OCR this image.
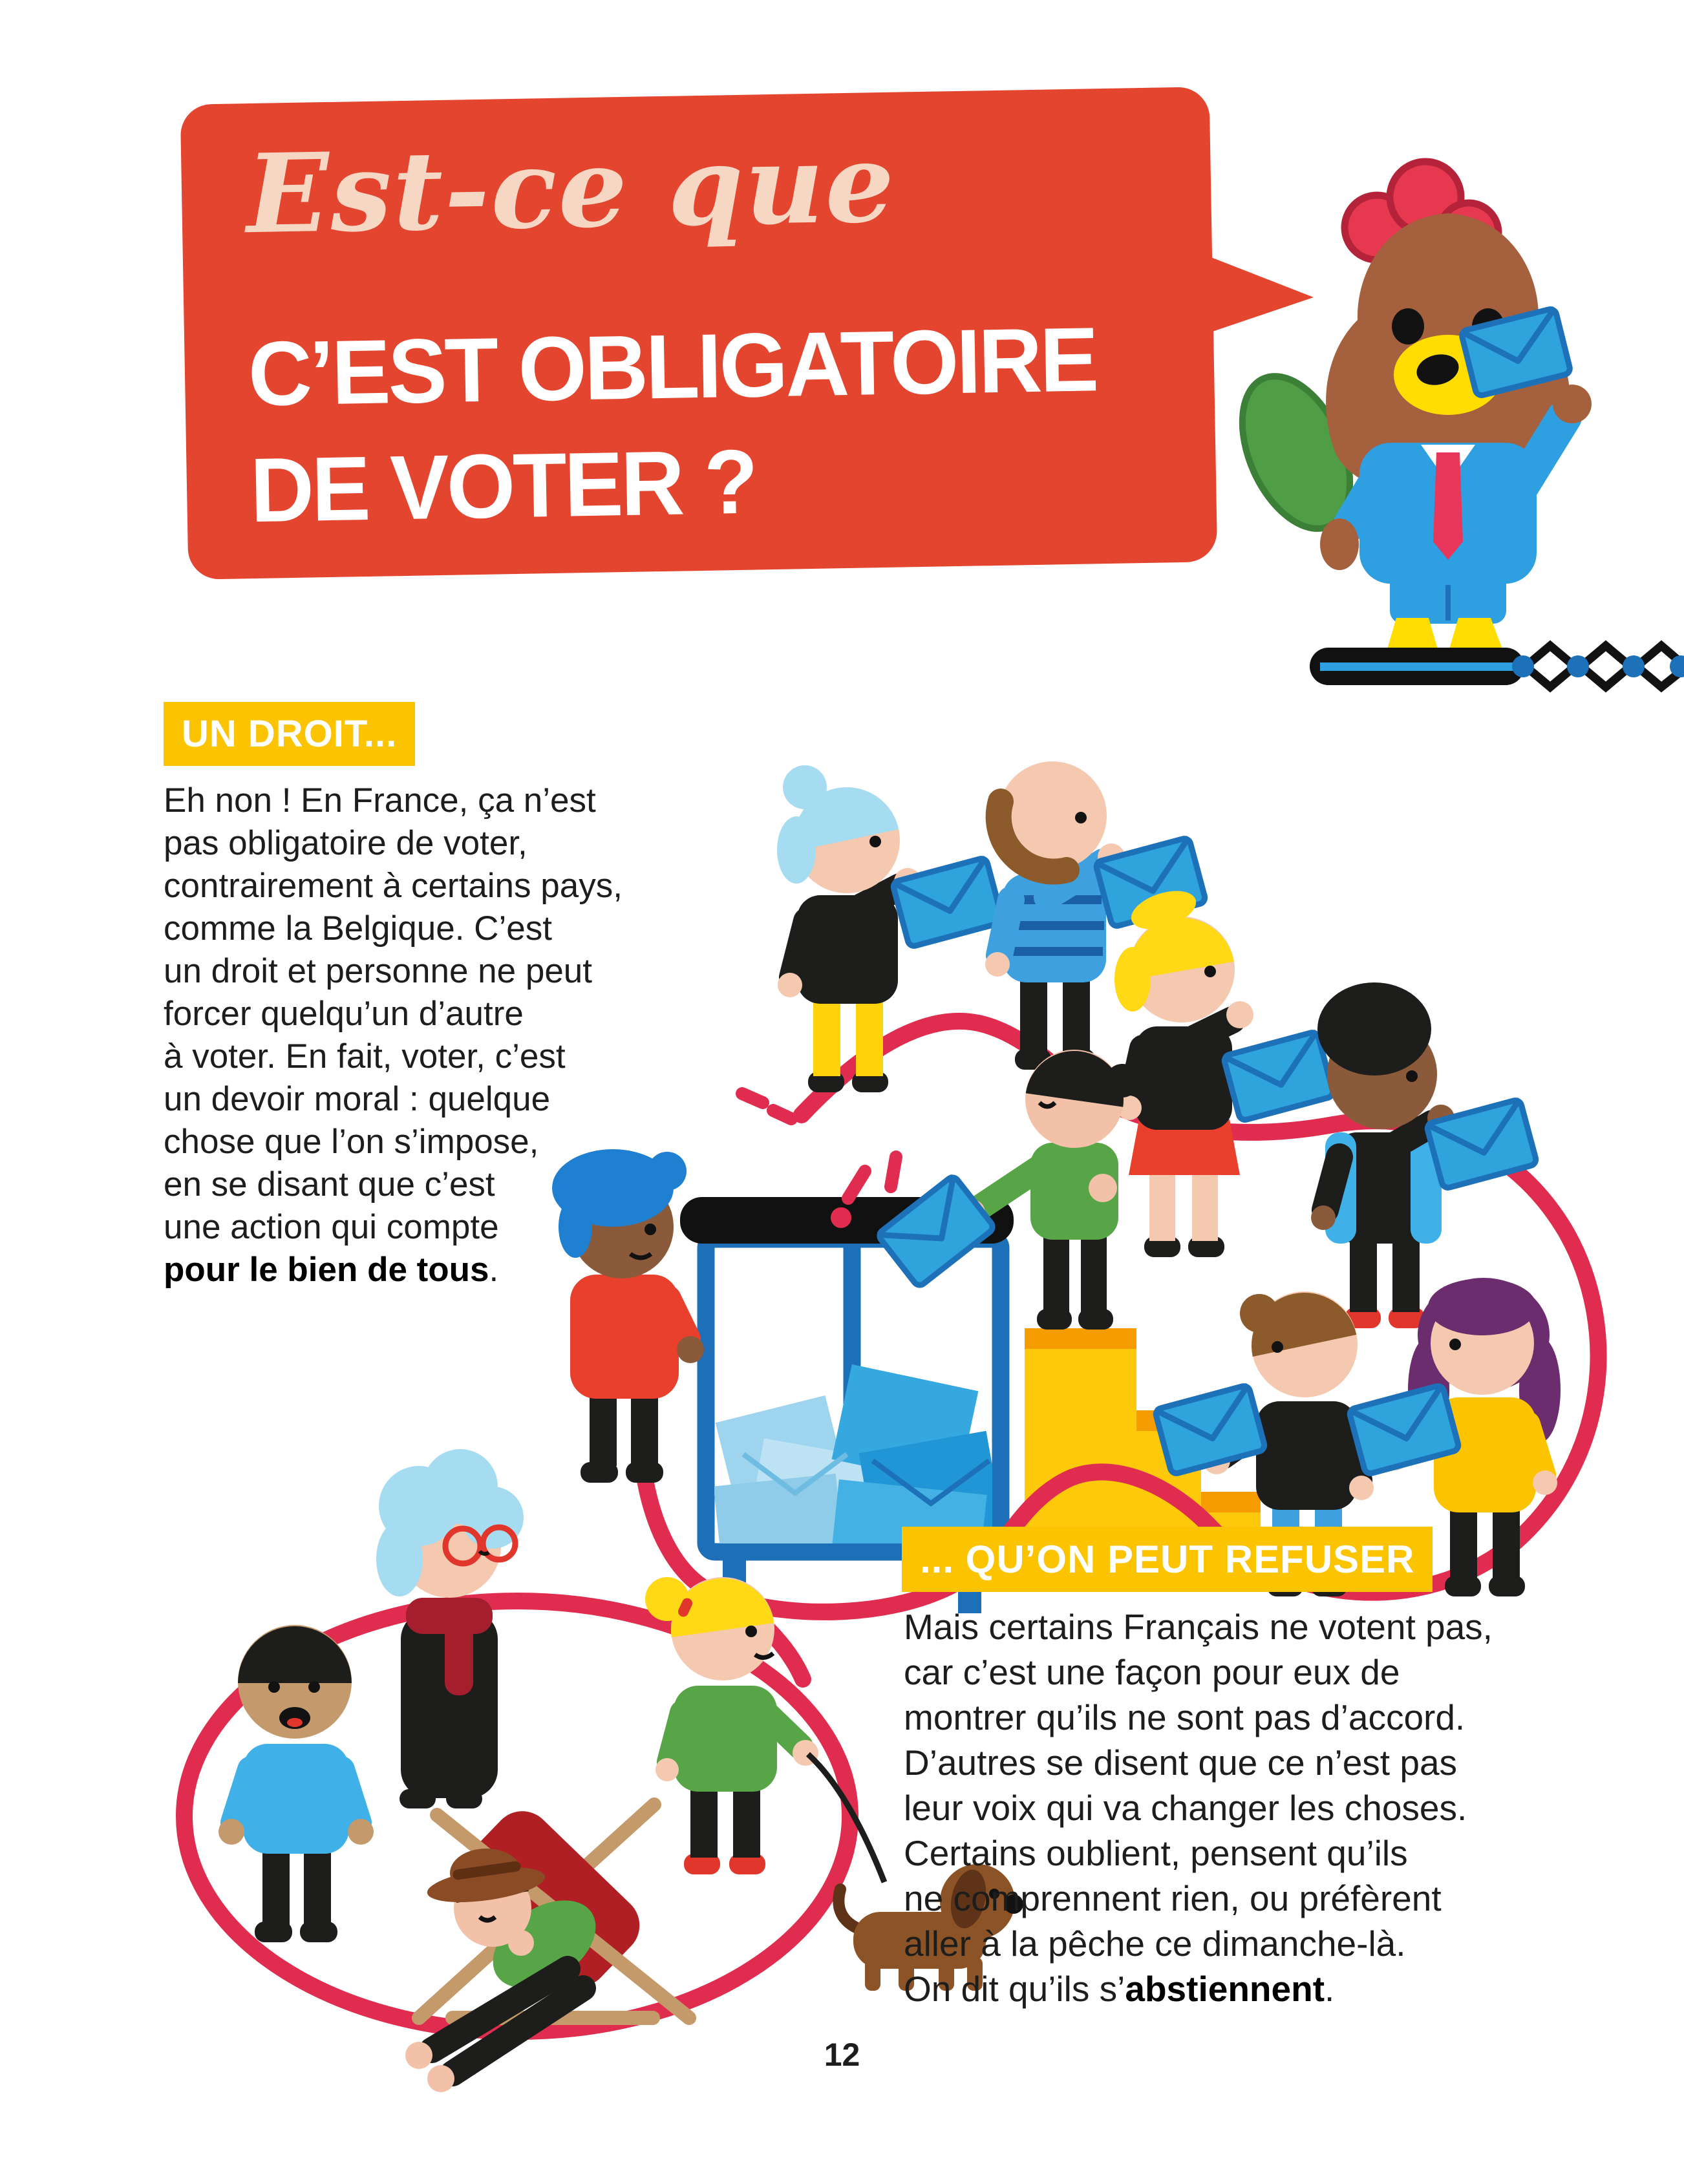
Est-ce que
C’EST OBLIGATOIRE
DE VOTER ?
UN DROIT...
Eh non ! En France, ça n’est
pas obligatoire de voter,
contrairement à certains pays,
comme la Belgique. C’est
un droit et personne ne peut
forcer quelqu’un d’autre
à voter. En fait, voter, c’est
un devoir moral : quelque
chose que l’on s’impose,
en se disant que c’est
une action qui compte
pour le bien de tous.
... QU’ON PEUT REFUSER
Mais certains Français ne votent pas,
car c’est une façon pour eux de
montrer qu’ils ne sont pas d’accord.
D’autres se disent que ce n’est pas
leur voix qui va changer les choses.
Certains oublient, pensent qu’ils
ne comprennent rien, ou préfèrent
aller à la pêche ce dimanche-là.
On dit qu’ils s’abstiennent.
12
